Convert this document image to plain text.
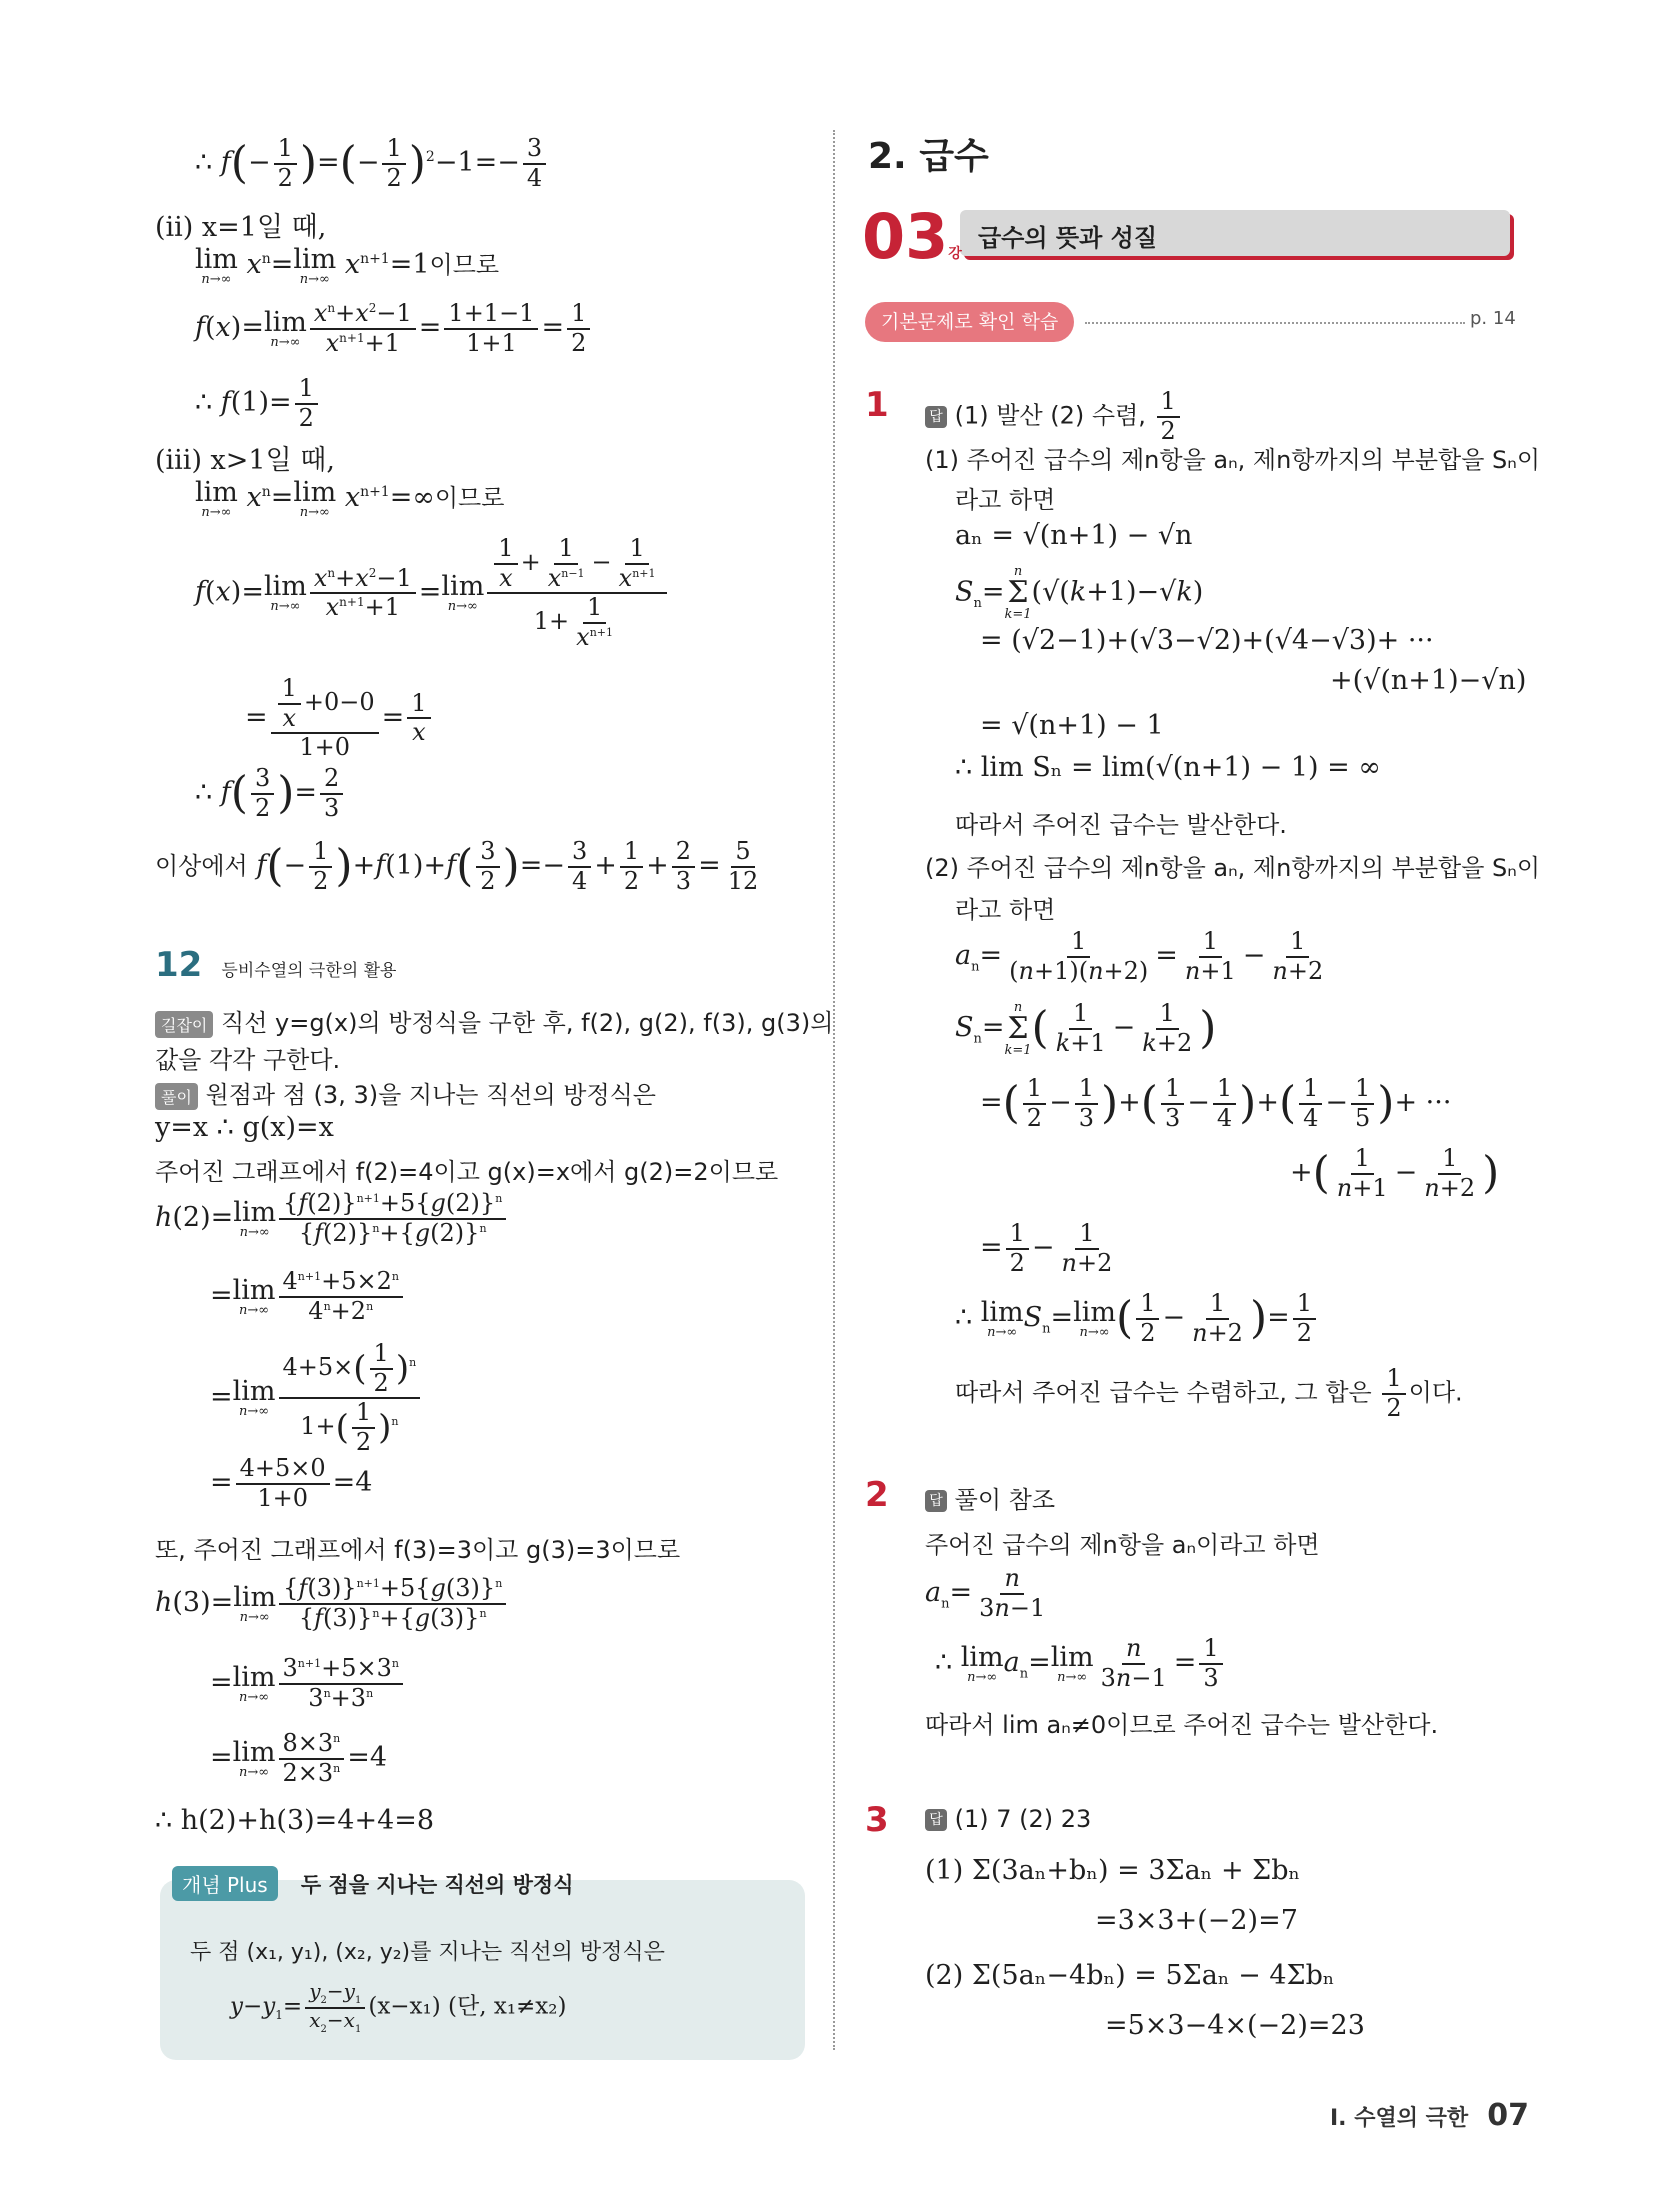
∴ $f(- \frac{1}{2}$ )=(− $\frac{1}{2} )^2-1=- \frac{3}{4}$
(ii) x=1일 때,
lim
n→∞ $x^n= \lim$
n→∞ $x^{n+1}=1$이므로
f(x)= lim
$n\to\infty \frac{x^n+x^2-1}{x^{n+1}+1} = \frac{1+1-1}{1+1} = \frac{1}{2}$
∴ $f(1)= \frac{1}{2}$
(iii) x>1일 때,
lim
n→∞ $x^n= \lim$
n→∞ $x^{n+1}=\infty$이므로
f(x)= lim
$n\to\infty \frac{x^n+x^2-1}{x^{n+1}+1} = \lim$
$n\to\infty \frac{\frac{1}{x} + \frac{1}{x^{n-1}} - \frac{1}{x^{n+1}}}{1+ \frac{1}{x^{n+1}}}$
= $\frac{\frac{1}{x} +0-0}{1+0} = \frac{1}{x}$
∴ $f( \frac{3}{2}$ )= $\frac{2}{3}$
이상에서 $f(- \frac{1}{2} )+f(1)+f( \frac{3}{2}$ )=− $\frac{3}{4} + \frac{1}{2} + \frac{2}{3} = \frac{5}{12}$
12 등비수열의 극한의 활용
길잡이 직선 y=g(x)의 방정식을 구한 후, f(2), g(2), f(3), g(3)의
값을 각각 구한다.
풀이 원점과 점 (3, 3)을 지나는 직선의 방정식은
y=x ∴ g(x)=x
주어진 그래프에서 f(2)=4이고 g(x)=x에서 g(2)=2이므로
h(2)= lim
$n\to\infty \frac{\{f(2)\}^{n+1}+5\{g(2)\}^n}{\{f(2)\}^n+\{g(2)\}^n}$
= lim
$n\to\infty \frac{4^{n+1}+5\times 2^n}{4^n+2^n}$
= lim
$n\to\infty \frac{4+5\times( \frac{1}{2} )^n}{1+( \frac{1}{2} )^n}$
= $\frac{4+5\times 0}{1+0} =4$
또, 주어진 그래프에서 f(3)=3이고 g(3)=3이므로
h(3)= lim
$n\to\infty \frac{\{f(3)\}^{n+1}+5\{g(3)\}^n}{\{f(3)\}^n+\{g(3)\}^n}$
= lim
$n\to\infty \frac{3^{n+1}+5\times 3^n}{3^n+3^n}$
= lim
$n\to\infty \frac{8\times 3^n}{2\times 3^n} =4$
∴ h(2)+h(3)=4+4=8
개념 Plus 두 점을 지나는 직선의 방정식
두 점 (x₁, y₁), (x₂, y₂)를 지나는 직선의 방정식은
$y-y_1= \frac{y_2-y_1}{x_2-x_1} (x-x_1)$ (단, x₁≠x₂)
2. 급수
급수의 뜻과 성질
03강
기본문제로 확인 학습	p. 14
1	답 (1) 발산 (2) 수렴, $\frac{1}{2}$
(1) 주어진 급수의 제n항을 aₙ, 제n항까지의 부분합을 Sₙ이
라고 하면
aₙ = √(n+1) − √n
$S_n=$
n
Σ
k=1
(√(k+1)−√k)
= (√2−1)+(√3−√2)+(√4−√3)+ ···
+(√(n+1)−√n)
= √(n+1) − 1
∴ lim Sₙ = lim(√(n+1) − 1) = ∞
따라서 주어진 급수는 발산한다.
(2) 주어진 급수의 제n항을 aₙ, 제n항까지의 부분합을 Sₙ이
라고 하면
$a_n= \frac{1}{(n+1)(n+2)} = \frac{1}{n+1} - \frac{1}{n+2}$
$S_n=$
n
Σ
k=1 ( $\frac{1}{k+1} - \frac{1}{k+2}$ )
=( $\frac{1}{2} - \frac{1}{3}$ )+( $\frac{1}{3} - \frac{1}{4}$ )+( $\frac{1}{4} - \frac{1}{5}$ )+ ···
+( $\frac{1}{n+1} - \frac{1}{n+2}$ )
= $\frac{1}{2} - \frac{1}{n+2}$
∴ lim
n→∞ $S_n= \lim$
n→∞ ( $\frac{1}{2} - \frac{1}{n+2}$ )= $\frac{1}{2}$
따라서 주어진 급수는 수렴하고, 그 합은 $\frac{1}{2}$ 이다.
2	답 풀이 참조
주어진 급수의 제n항을 aₙ이라고 하면
$a_n= \frac{n}{3n-1}$
∴ lim
n→∞ $a_n= \lim$
$n\to\infty \frac{n}{3n-1} = \frac{1}{3}$
따라서 lim aₙ≠0이므로 주어진 급수는 발산한다.
3	답 (1) 7 (2) 23
(1) Σ(3aₙ+bₙ) = 3Σaₙ + Σbₙ
=3×3+(−2)=7
(2) Σ(5aₙ−4bₙ) = 5Σaₙ − 4Σbₙ
=5×3−4×(−2)=23
Ⅰ. 수열의 극한 07
